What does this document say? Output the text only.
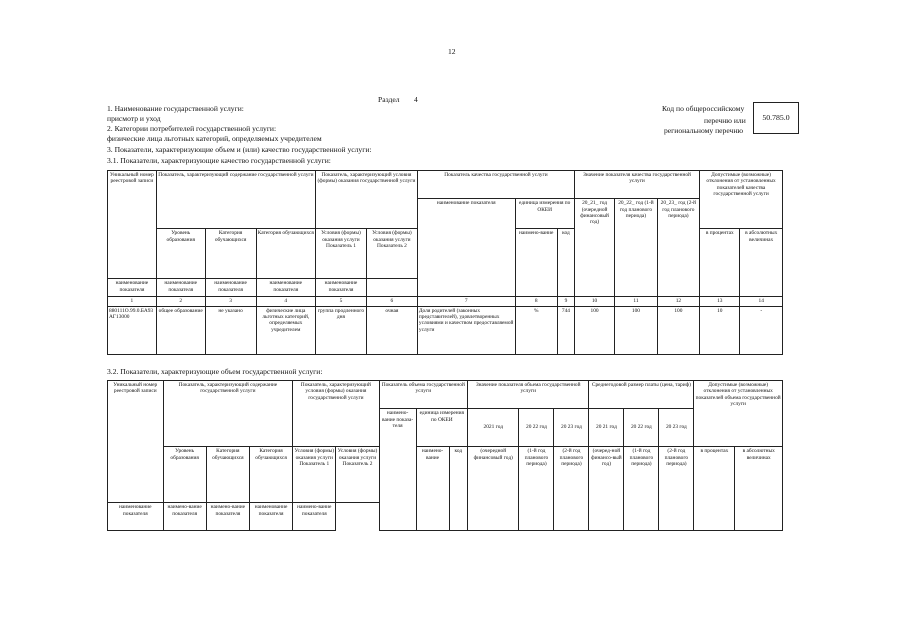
12
Раздел 4
1. Наименование государственной услуги:
присмотр и уход
2. Категории потребителей государственной услуги:
физические лица льготных категорий, определяемых учредителем
3. Показатели, характеризующие объем и (или) качество государственной услуги:
3.1. Показатели, характеризующие качество государственной услуги:
Код по общероссийскому
перечню или
региональному перечню
50.785.0
Уникальный номер реестровой записи	Показатель, характеризующий содержание государственной услуги			Показатель, характеризующий условия (формы) оказания государственной услуги		Показатель качества государственной услуги			Значение показателя качества государственной услуги			Допустимые (возможные) отклонения от установленных показателей качества государственной услуги	
						наименование показателя	единица измерения по ОКЕИ		20_21_ год (очередной финансовый год)	20_22_ год (1-й год планового периода)	20_23_ год (2-й год планового периода)		
	Уровень образования	Категория обучающихся	Категория обучающихся	Условия (формы) оказания услуги Показатель 1	Условия (формы) оказания услуги Показатель 2		наимено-вание	код				в процентах	в абсолютных величинах
наименование показателя	наименование показателя	наименование показателя	наименование показателя	наименование показателя									
1	2	3	4	5	6	7	8	9	10	11	12	13	14
880111О.99.0.БА93АГ13000	общее образование	не указано	физические лица льготных категорий, определяемых учредителем	группа продленного дня	очная	Доля родителей (законных представителей), удовлетворенных условиями и качеством предоставляемой услуги	%	744	100	100	100	10	-
3.2. Показатели, характеризующие объем государственной услуги:
Уникальный номер реестровой записи	Показатель, характеризующий содержание государственной услуги			Показатель, характеризующий условия (формы) оказания государственной услуги		Показатель объема государственной услуги			Значение показателя объема государственной услуги			Среднегодовой размер платы (цена, тариф)			Допустимые (возможные) отклонения от установленных показателей объема государственной услуги	
						наимено-вание показа-теля	единица измерения по ОКЕИ		2021 год	20 22 год	20 23 год	20 21 год	20 22 год	20 23 год		
	Уровень образования	Категория обучающихся	Категория обучающихся	Условия (формы) оказания услуги Показатель 1	Условия (формы) оказания услуги Показатель 2		наимено-вание	код	(очередной финансовый год)	(1-й год планового периода)	(2-й год планового периода)	(очеред-ной финансо-вый год)	(1-й год планового периода)	(2-й год планового периода)	в процентах	в абсолютных величинах
наименование показателя	наимено-вание показателя	наимено-вание показателя	наименование показателя	наимено-вание показателя												
